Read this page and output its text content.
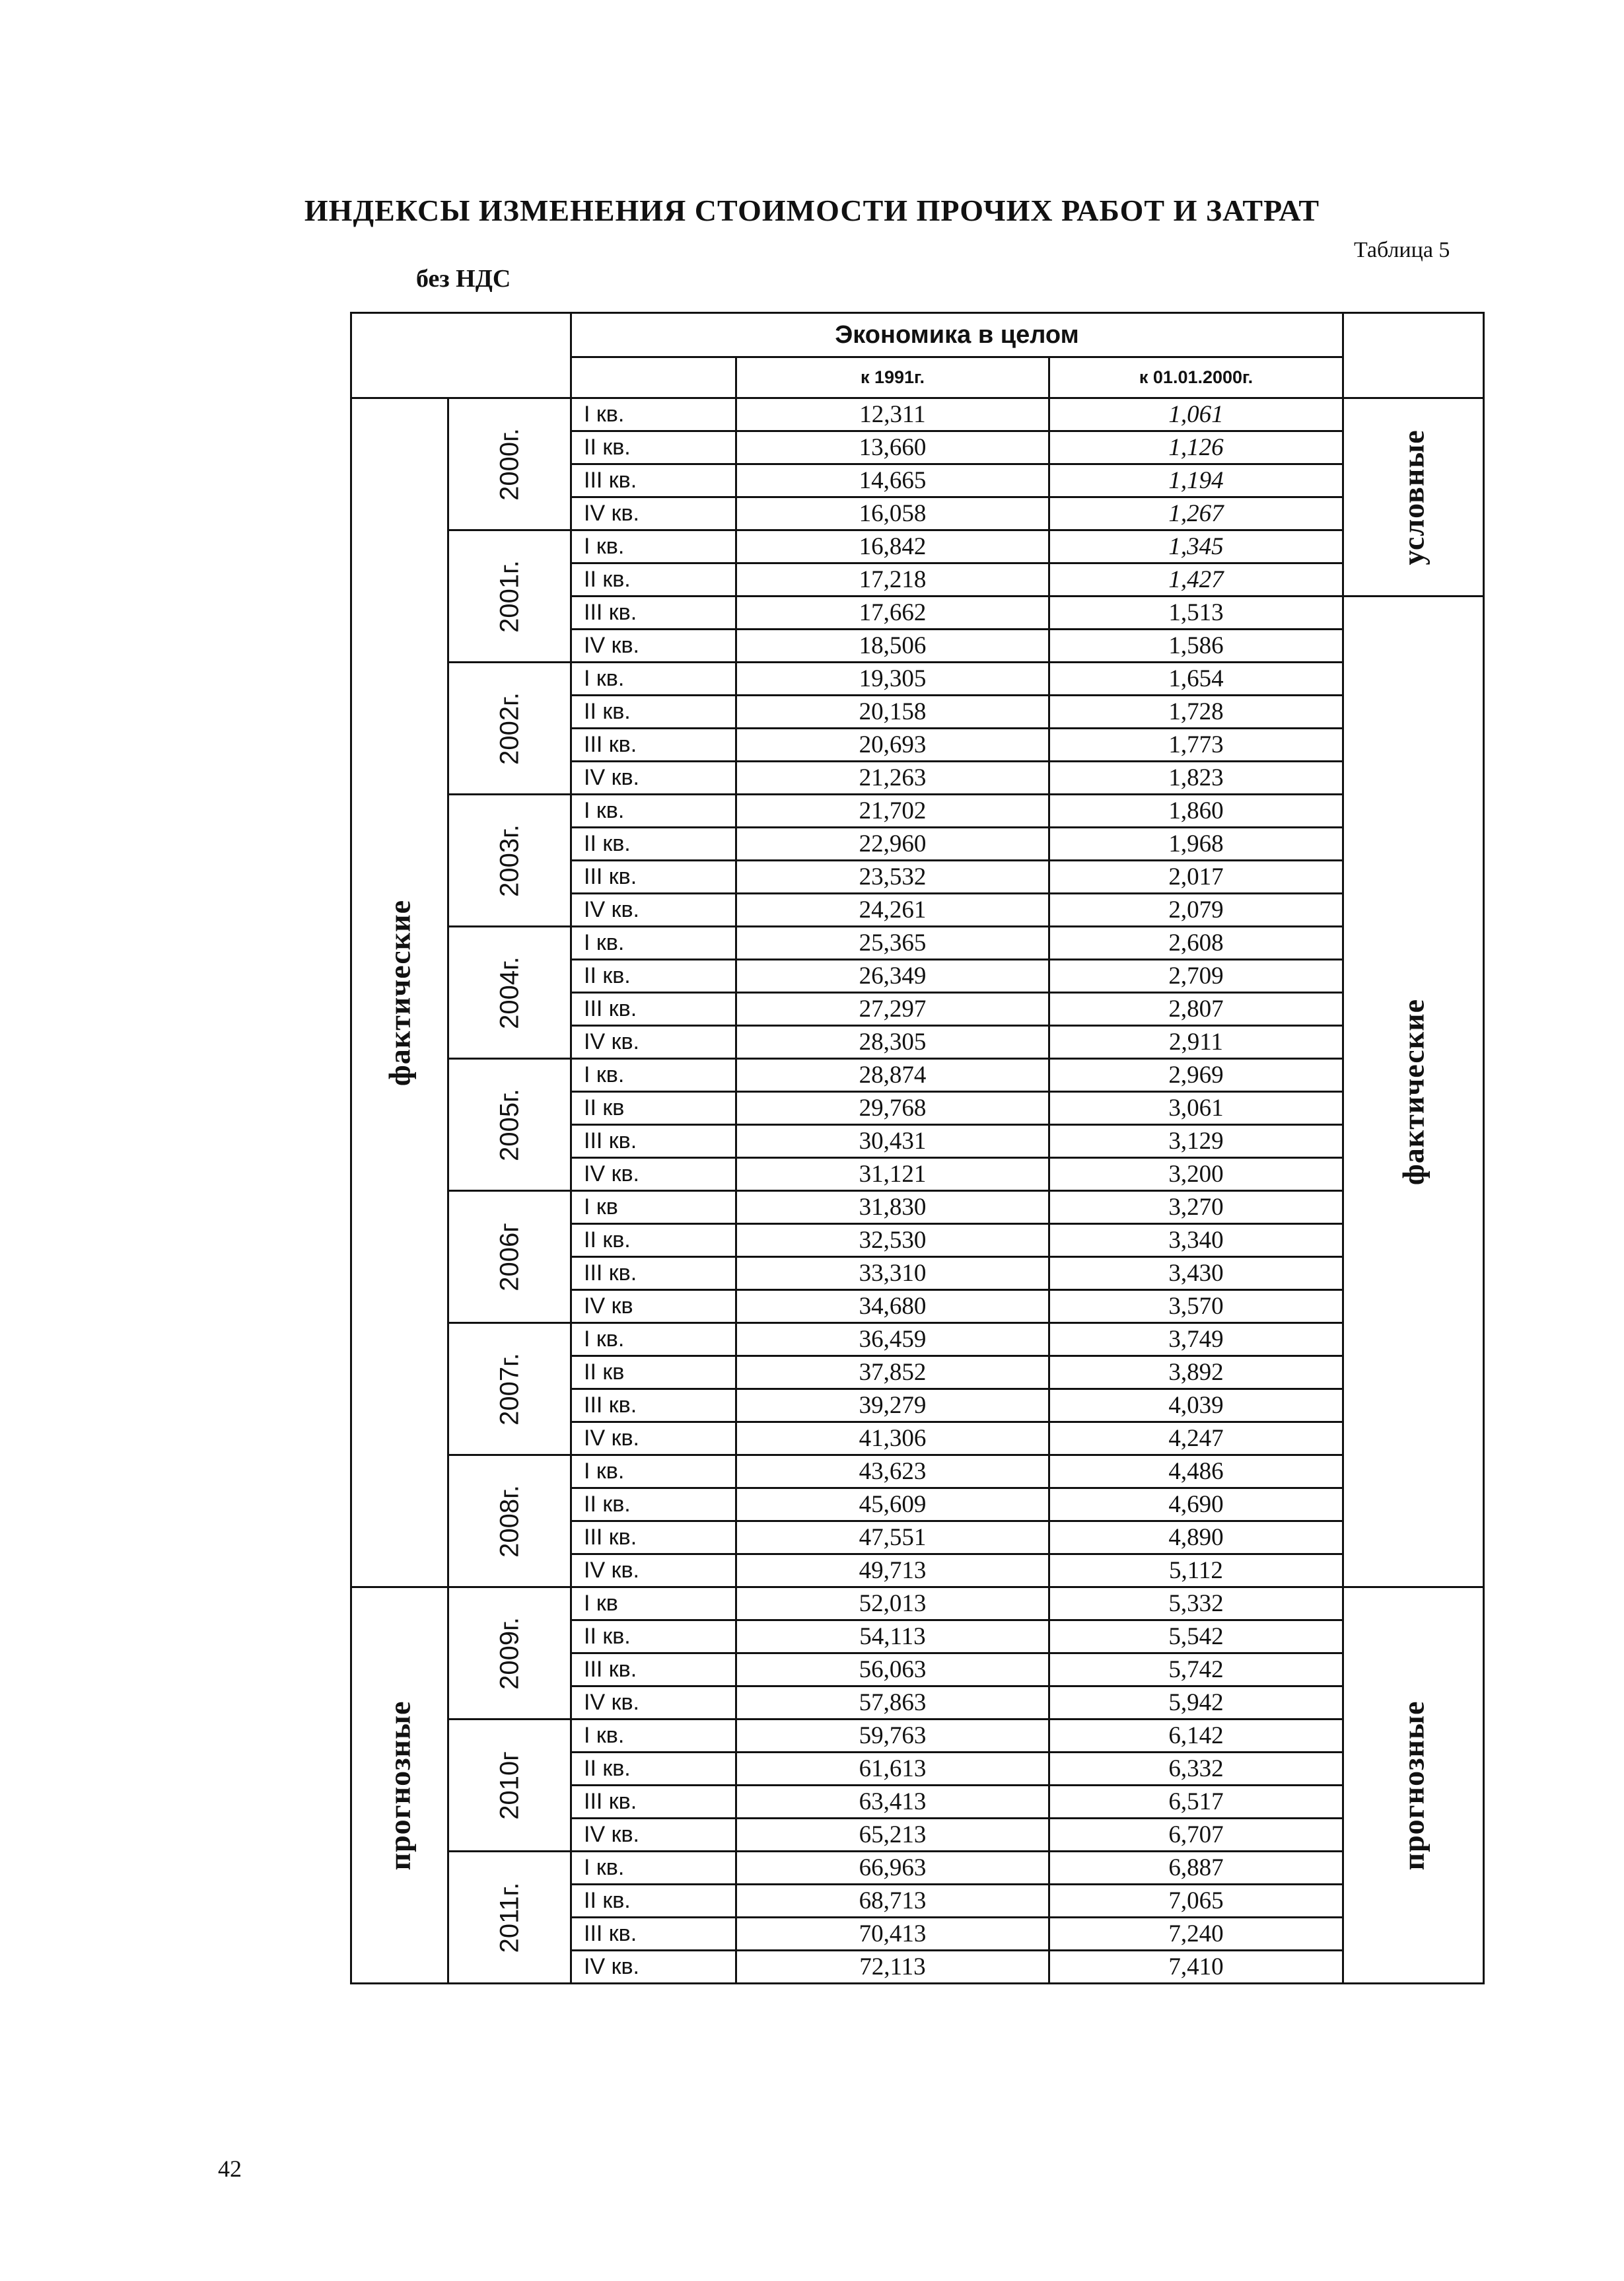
ИНДЕКСЫ ИЗМЕНЕНИЯ СТОИМОСТИ ПРОЧИХ РАБОТ И ЗАТРАТ
Таблица 5
без НДС
		Экономика в целом			
			к 1991г.	к 01.01.2000г.	

фактические	2000г.	I кв.	12,311	1,061	условные

		II кв.	13,660	1,126	
		III кв.	14,665	1,194	
		IV кв.	16,058	1,267	

	2001г.	I кв.	16,842	1,345	
		II кв.	17,218	1,427	
		III кв.	17,662	1,513	фактические

		IV кв.	18,506	1,586	

	2002г.	I кв.	19,305	1,654	
		II кв.	20,158	1,728	
		III кв.	20,693	1,773	
		IV кв.	21,263	1,823	

	2003г.	I кв.	21,702	1,860	
		II кв.	22,960	1,968	
		III кв.	23,532	2,017	
		IV кв.	24,261	2,079	

	2004г.	I кв.	25,365	2,608	
		II кв.	26,349	2,709	
		III кв.	27,297	2,807	
		IV кв.	28,305	2,911	

	2005г.	I кв.	28,874	2,969	
		II кв	29,768	3,061	
		III кв.	30,431	3,129	
		IV кв.	31,121	3,200	

	2006г	I кв	31,830	3,270	
		II кв.	32,530	3,340	
		III кв.	33,310	3,430	
		IV кв	34,680	3,570	

	2007г.	I кв.	36,459	3,749	
		II кв	37,852	3,892	
		III кв.	39,279	4,039	
		IV кв.	41,306	4,247	

	2008г.	I кв.	43,623	4,486	
		II кв.	45,609	4,690	
		III кв.	47,551	4,890	
		IV кв.	49,713	5,112	

прогнозные	2009г.	I кв	52,013	5,332	прогнозные

		II кв.	54,113	5,542	
		III кв.	56,063	5,742	
		IV кв.	57,863	5,942	

	2010г	I кв.	59,763	6,142	
		II кв.	61,613	6,332	
		III кв.	63,413	6,517	
		IV кв.	65,213	6,707	

	2011г.	I кв.	66,963	6,887	
		II кв.	68,713	7,065	
		III кв.	70,413	7,240	
		IV кв.	72,113	7,410	
42
